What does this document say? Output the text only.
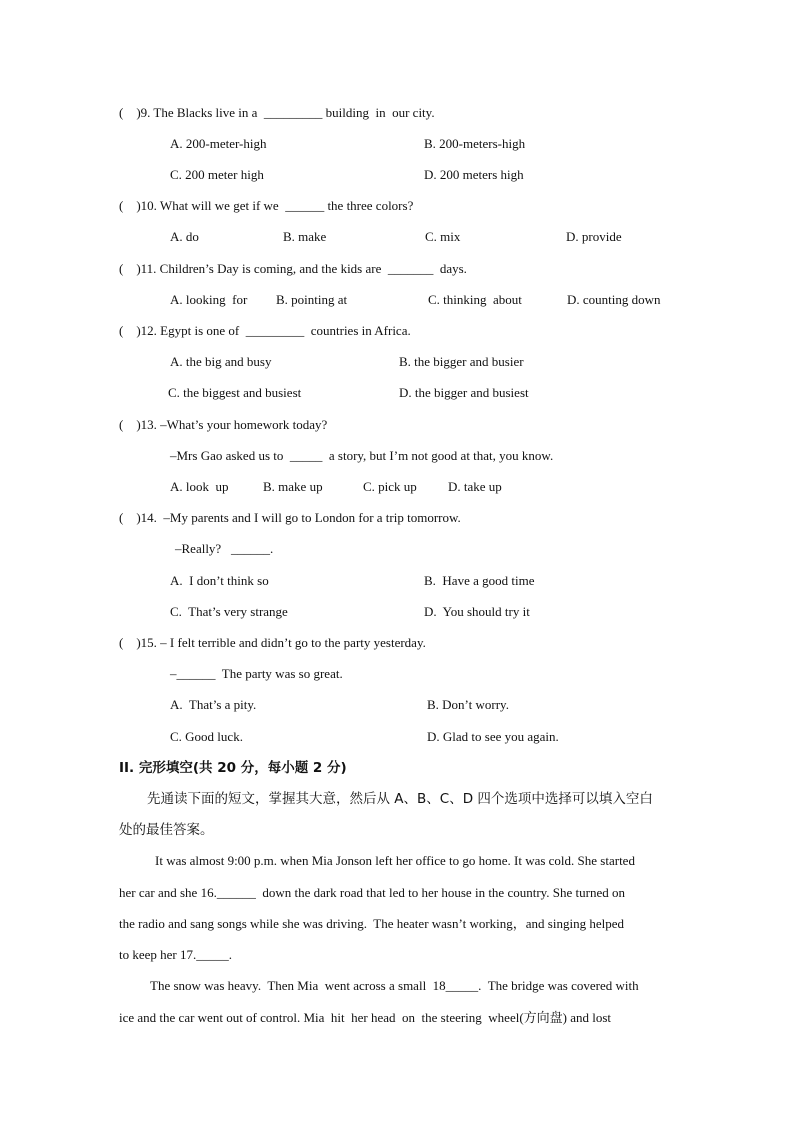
(    )9. The Blacks live in a  _________ building  in  our city.
A. 200-meter-high	B. 200-meters-high
C. 200 meter high	D. 200 meters high
(    )10. What will we get if we  ______ the three colors?
A. do	B. make	C. mix	D. provide
(    )11. Children’s Day is coming, and the kids are  _______  days.
A. looking  for B. pointing at	C. thinking  about	D. counting down
(    )12. Egypt is one of  _________  countries in Africa.
A. the big and busy	B. the bigger and busier
C. the biggest and busiest	D. the bigger and busiest
(    )13. –What’s your homework today?
–Mrs Gao asked us to  _____  a story, but I’m not good at that, you know.
A. look  up	B. make up	C. pick up D. take up
(    )14.  –My parents and I will go to London for a trip tomorrow.
–Really?   ______.
A.  I don’t think so	B.  Have a good time
C.  That’s very strange	D.  You should try it
(    )15. – I felt terrible and didn’t go to the party yesterday.
–______  The party was so great.
A.  That’s a pity.	B. Don’t worry.
C. Good luck.	D. Glad to see you again.
II. 完形填空(共 20 分，每小题 2 分)
先通读下面的短文，掌握其大意，然后从 A、B、C、D 四个选项中选择可以填入空白
处的最佳答案。
It was almost 9:00 p.m. when Mia Jonson left her office to go home. It was cold. She started
her car and she 16.______  down the dark road that led to her house in the country. She turned on
the radio and sang songs while she was driving.  The heater wasn’t working，and singing helped
to keep her 17._____.
The snow was heavy.  Then Mia  went across a small  18_____.  The bridge was covered with
ice and the car went out of control. Mia  hit  her head  on  the steering  wheel(方向盘) and lost
